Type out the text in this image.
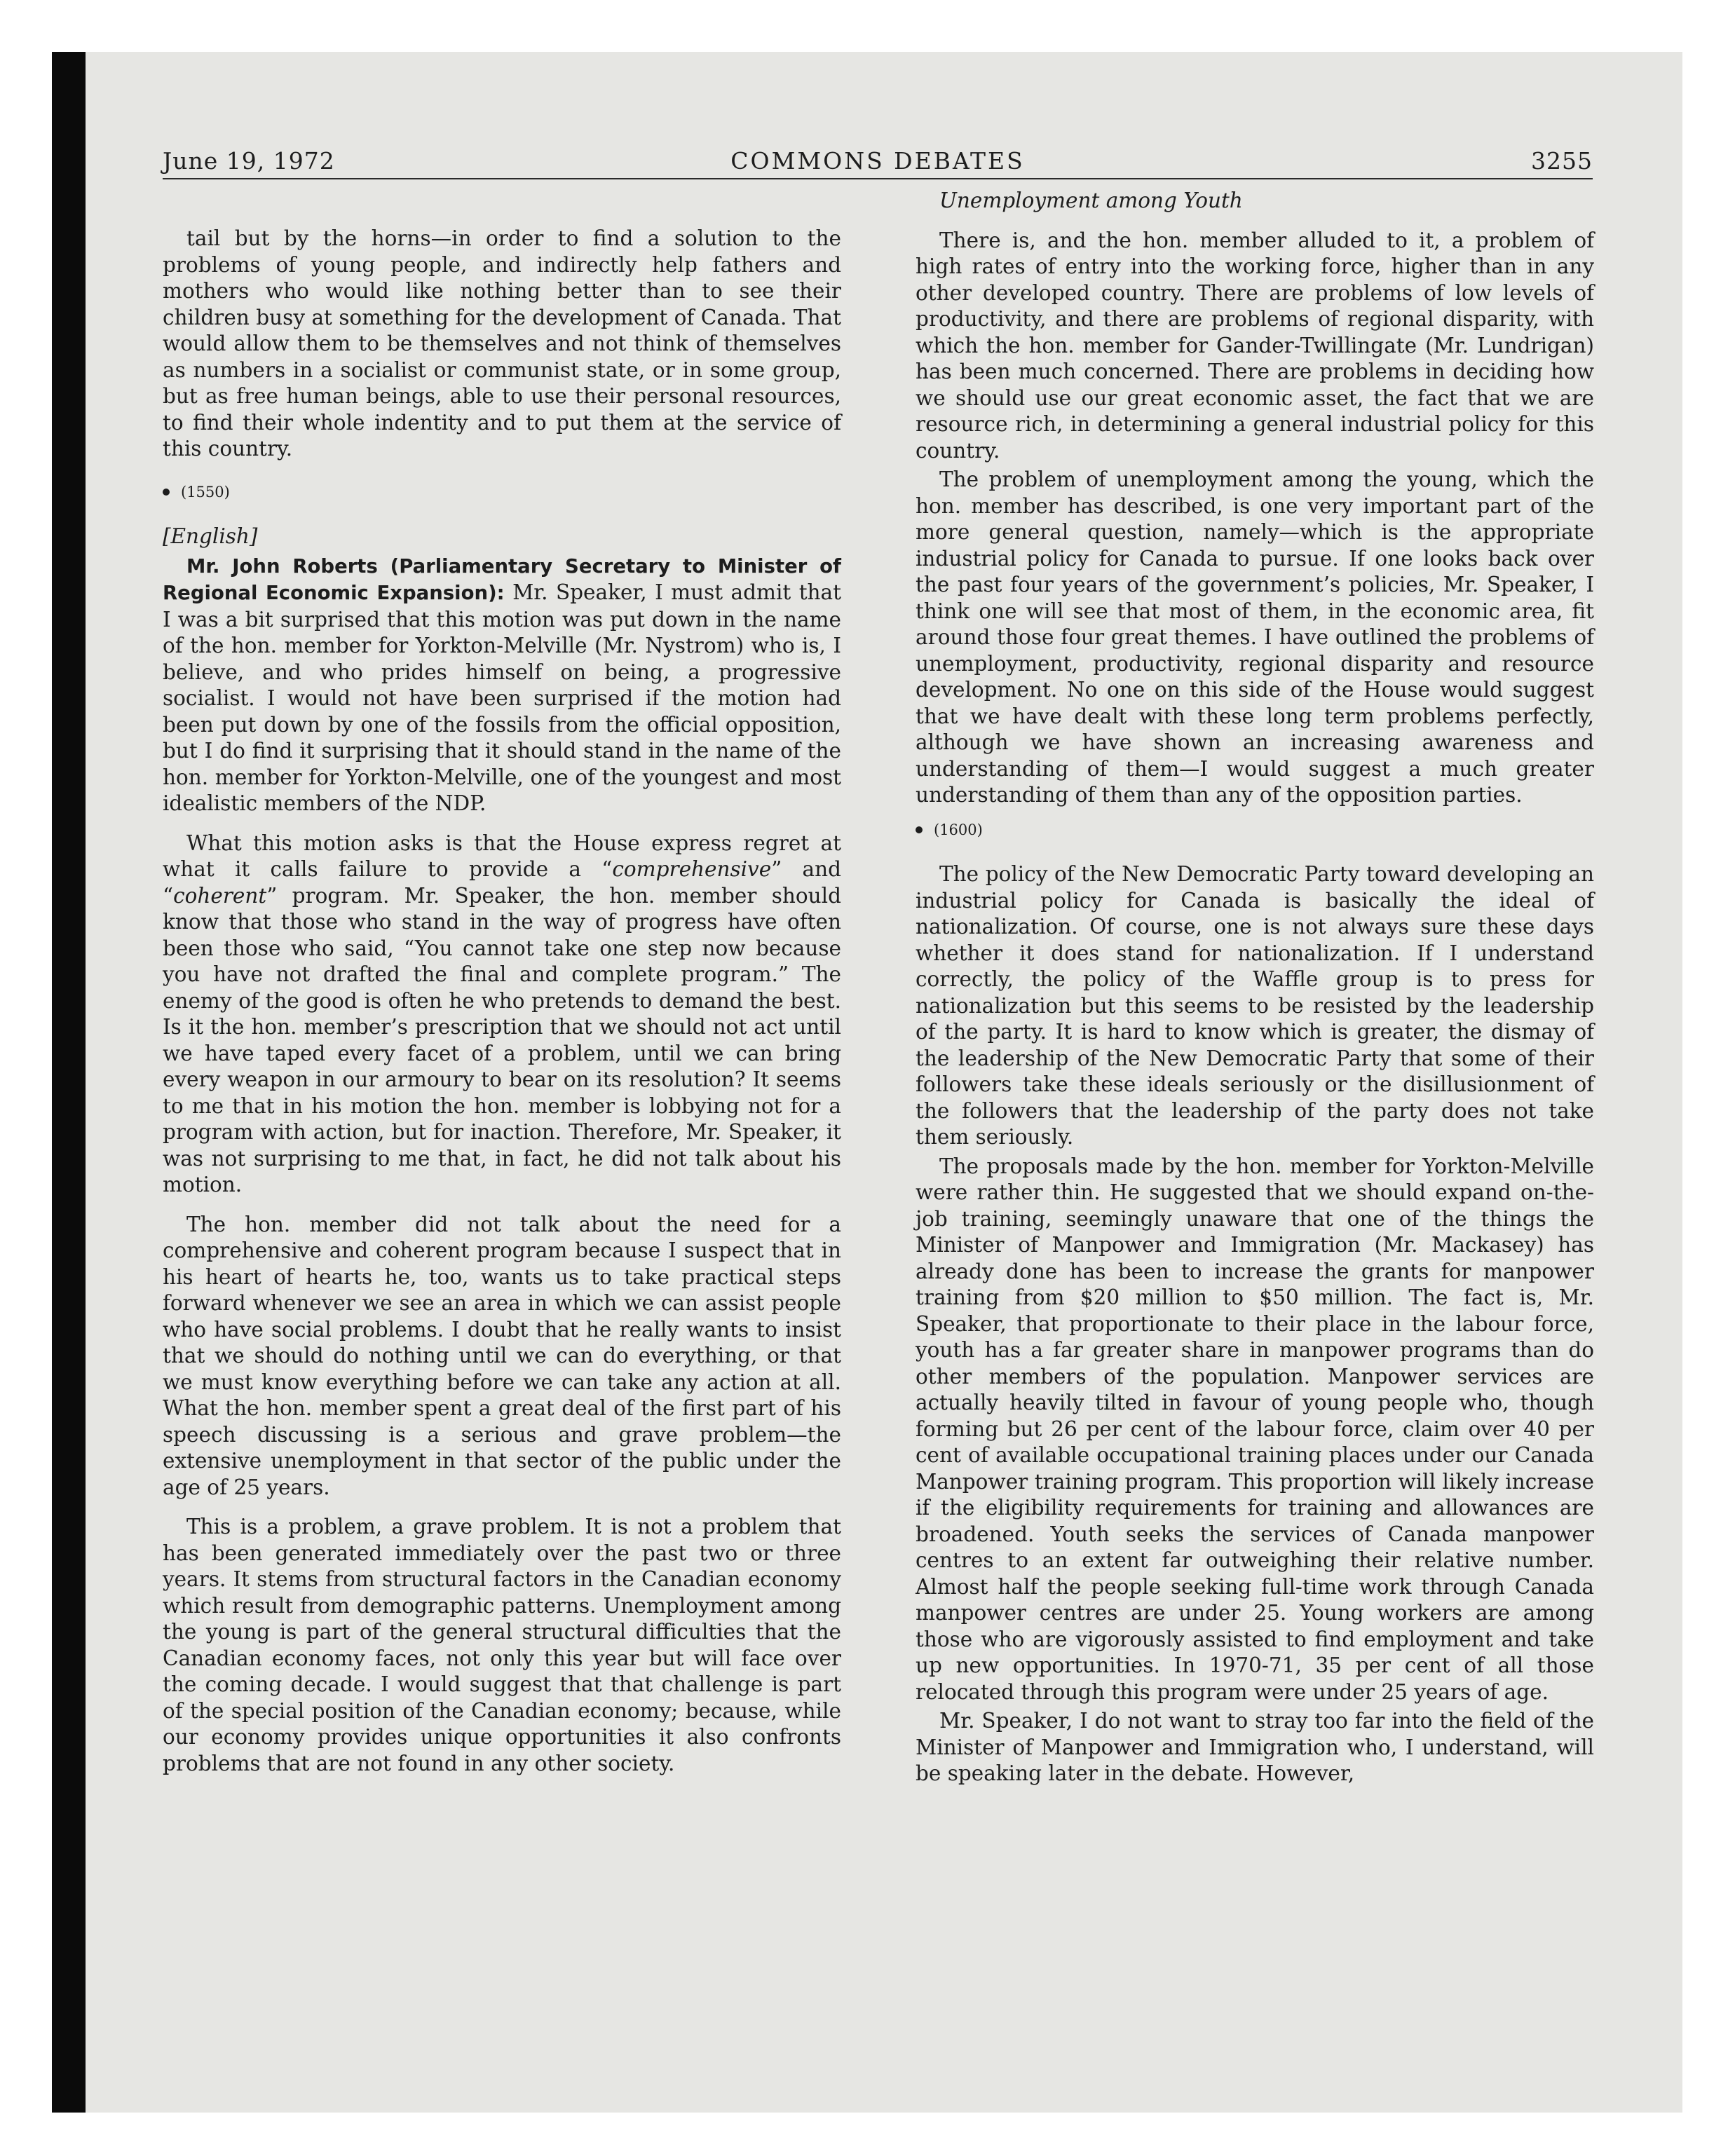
June 19, 1972	COMMONS DEBATES	3255

tail but by the horns—in order to find a solution to the problems of young people, and indirectly help fathers and mothers who would like nothing better than to see their children busy at something for the development of Canada. That would allow them to be themselves and not think of themselves as numbers in a socialist or communist state, or in some group, but as free human beings, able to use their personal resources, to find their whole indentity and to put them at the service of this country.

(1550)

[English]

Mr. John Roberts (Parliamentary Secretary to Minister of Regional Economic Expansion): Mr. Speaker, I must admit that I was a bit surprised that this motion was put down in the name of the hon. member for Yorkton-Melville (Mr. Nystrom) who is, I believe, and who prides himself on being, a progressive socialist. I would not have been surprised if the motion had been put down by one of the fossils from the official opposition, but I do find it surprising that it should stand in the name of the hon. member for Yorkton-Melville, one of the youngest and most idealistic members of the NDP.

What this motion asks is that the House express regret at what it calls failure to provide a “comprehensive” and “coherent” program. Mr. Speaker, the hon. member should know that those who stand in the way of progress have often been those who said, “You cannot take one step now because you have not drafted the final and complete program.” The enemy of the good is often he who pretends to demand the best. Is it the hon. member’s prescription that we should not act until we have taped every facet of a problem, until we can bring every weapon in our armoury to bear on its resolution? It seems to me that in his motion the hon. member is lobbying not for a program with action, but for inaction. Therefore, Mr. Speaker, it was not surprising to me that, in fact, he did not talk about his motion.

The hon. member did not talk about the need for a comprehensive and coherent program because I suspect that in his heart of hearts he, too, wants us to take practical steps forward whenever we see an area in which we can assist people who have social problems. I doubt that he really wants to insist that we should do nothing until we can do everything, or that we must know everything before we can take any action at all. What the hon. member spent a great deal of the first part of his speech discussing is a serious and grave problem—the extensive unemployment in that sector of the public under the age of 25 years.

This is a problem, a grave problem. It is not a problem that has been generated immediately over the past two or three years. It stems from structural factors in the Canadian economy which result from demographic patterns. Unemployment among the young is part of the general structural difficulties that the Canadian economy faces, not only this year but will face over the coming decade. I would suggest that that challenge is part of the special position of the Canadian economy; because, while our economy provides unique opportunities it also confronts problems that are not found in any other society.

Unemployment among Youth

There is, and the hon. member alluded to it, a problem of high rates of entry into the working force, higher than in any other developed country. There are problems of low levels of productivity, and there are problems of regional disparity, with which the hon. member for Gander-Twillingate (Mr. Lundrigan) has been much concerned. There are problems in deciding how we should use our great economic asset, the fact that we are resource rich, in determining a general industrial policy for this country.

The problem of unemployment among the young, which the hon. member has described, is one very important part of the more general question, namely—which is the appropriate industrial policy for Canada to pursue. If one looks back over the past four years of the government’s policies, Mr. Speaker, I think one will see that most of them, in the economic area, fit around those four great themes. I have outlined the problems of unemployment, productivity, regional disparity and resource development. No one on this side of the House would suggest that we have dealt with these long term problems perfectly, although we have shown an increasing awareness and understanding of them—I would suggest a much greater understanding of them than any of the opposition parties.

(1600)

The policy of the New Democratic Party toward developing an industrial policy for Canada is basically the ideal of nationalization. Of course, one is not always sure these days whether it does stand for nationalization. If I understand correctly, the policy of the Waffle group is to press for nationalization but this seems to be resisted by the leadership of the party. It is hard to know which is greater, the dismay of the leadership of the New Democratic Party that some of their followers take these ideals seriously or the disillusionment of the followers that the leadership of the party does not take them seriously.

The proposals made by the hon. member for Yorkton-Melville were rather thin. He suggested that we should expand on-the-job training, seemingly unaware that one of the things the Minister of Manpower and Immigration (Mr. Mackasey) has already done has been to increase the grants for manpower training from $20 million to $50 million. The fact is, Mr. Speaker, that proportionate to their place in the labour force, youth has a far greater share in manpower programs than do other members of the population. Manpower services are actually heavily tilted in favour of young people who, though forming but 26 per cent of the labour force, claim over 40 per cent of available occupational training places under our Canada Manpower training program. This proportion will likely increase if the eligibility requirements for training and allowances are broadened. Youth seeks the services of Canada manpower centres to an extent far outweighing their relative number. Almost half the people seeking full-time work through Canada manpower centres are under 25. Young workers are among those who are vigorously assisted to find employment and take up new opportunities. In 1970-71, 35 per cent of all those relocated through this program were under 25 years of age.

Mr. Speaker, I do not want to stray too far into the field of the Minister of Manpower and Immigration who, I understand, will be speaking later in the debate. However,
